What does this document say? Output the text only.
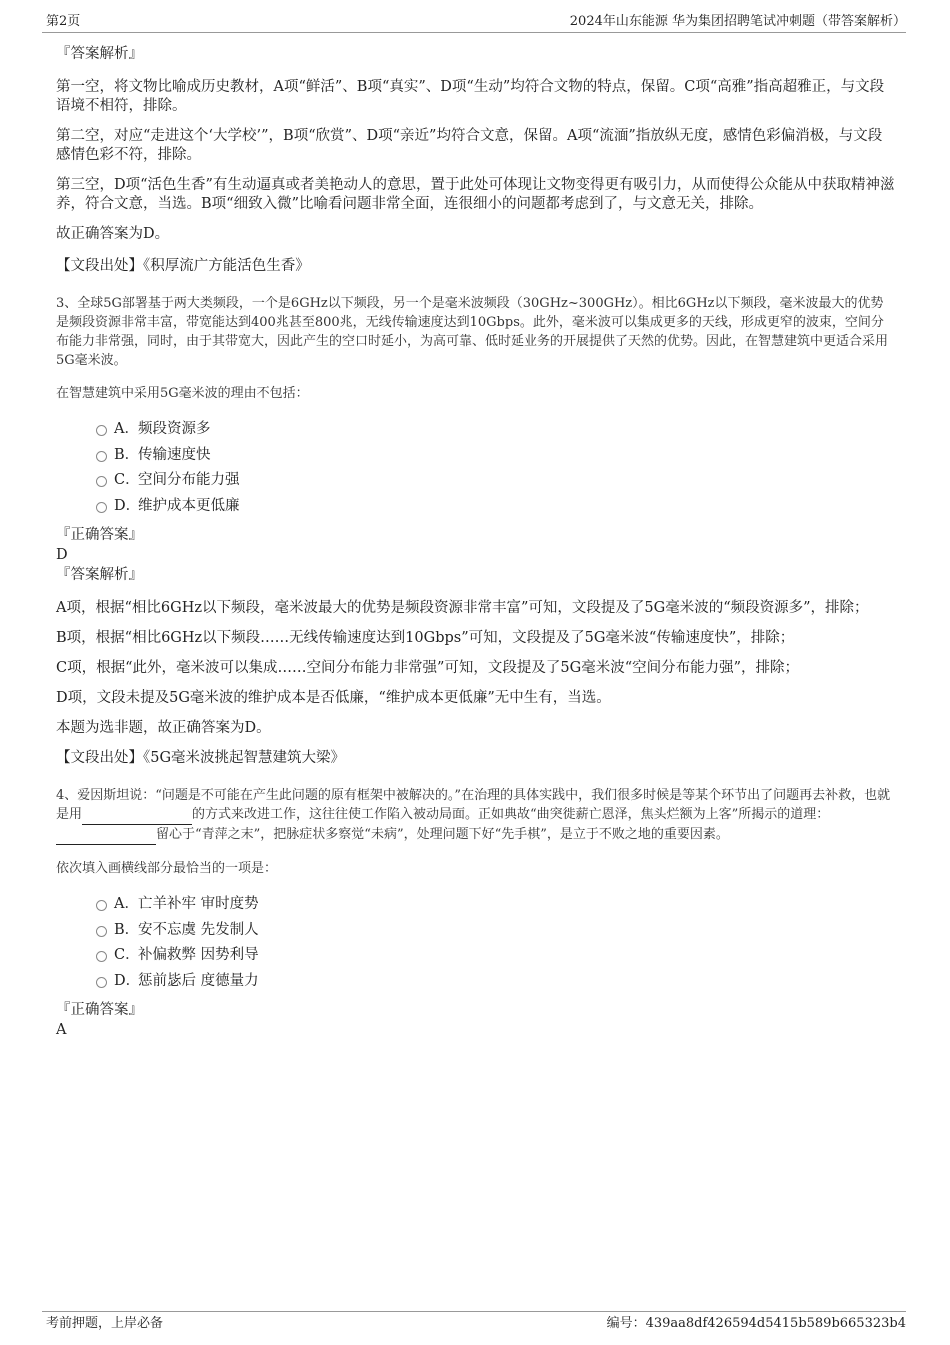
第2页	2024年山东能源 华为集团招聘笔试冲刺题（带答案解析）

『答案解析』

第一空，将文物比喻成历史教材，A项“鲜活”、B项“真实”、D项“生动”均符合文物的特点，保留。C项“高雅”指高超雅正，与文段语境不相符，排除。

第二空，对应“走进这个‘大学校’”，B项“欣赏”、D项“亲近”均符合文意，保留。A项“流湎”指放纵无度，感情色彩偏消极，与文段感情色彩不符，排除。

第三空，D项“活色生香”有生动逼真或者美艳动人的意思，置于此处可体现让文物变得更有吸引力，从而使得公众能从中获取精神滋养，符合文意，当选。B项“细致入微”比喻看问题非常全面，连很细小的问题都考虑到了，与文意无关，排除。

故正确答案为D。

【文段出处】《积厚流广方能活色生香》

3、全球5G部署基于两大类频段，一个是6GHz以下频段，另一个是毫米波频段（30GHz~300GHz）。相比6GHz以下频段，毫米波最大的优势是频段资源非常丰富，带宽能达到400兆甚至800兆，无线传输速度达到10Gbps。此外，毫米波可以集成更多的天线，形成更窄的波束，空间分布能力非常强，同时，由于其带宽大，因此产生的空口时延小，为高可靠、低时延业务的开展提供了天然的优势。因此，在智慧建筑中更适合采用5G毫米波。

在智慧建筑中采用5G毫米波的理由不包括：

A．频段资源多
B．传输速度快
C．空间分布能力强
D．维护成本更低廉

『正确答案』

D

『答案解析』

A项，根据“相比6GHz以下频段，毫米波最大的优势是频段资源非常丰富”可知，文段提及了5G毫米波的“频段资源多”，排除；

B项，根据“相比6GHz以下频段……无线传输速度达到10Gbps”可知，文段提及了5G毫米波“传输速度快”，排除；

C项，根据“此外，毫米波可以集成……空间分布能力非常强”可知，文段提及了5G毫米波“空间分布能力强”，排除；

D项，文段未提及5G毫米波的维护成本是否低廉，“维护成本更低廉”无中生有，当选。

本题为选非题，故正确答案为D。

【文段出处】《5G毫米波挑起智慧建筑大梁》

4、爱因斯坦说：“问题是不可能在产生此问题的原有框架中被解决的。”在治理的具体实践中，我们很多时候是等某个环节出了问题再去补救，也就是用	的方式来改进工作，这往往使工作陷入被动局面。正如典故“曲突徙薪亡恩泽，焦头烂额为上客”所揭示的道理： 留心于“青萍之末”，把脉症状多察觉“未病”，处理问题下好“先手棋”，是立于不败之地的重要因素。

依次填入画横线部分最恰当的一项是：

A．亡羊补牢 审时度势
B．安不忘虞 先发制人
C．补偏救弊 因势利导
D．惩前毖后 度德量力

『正确答案』

A

考前押题，上岸必备	编号：439aa8df426594d5415b589b665323b4
